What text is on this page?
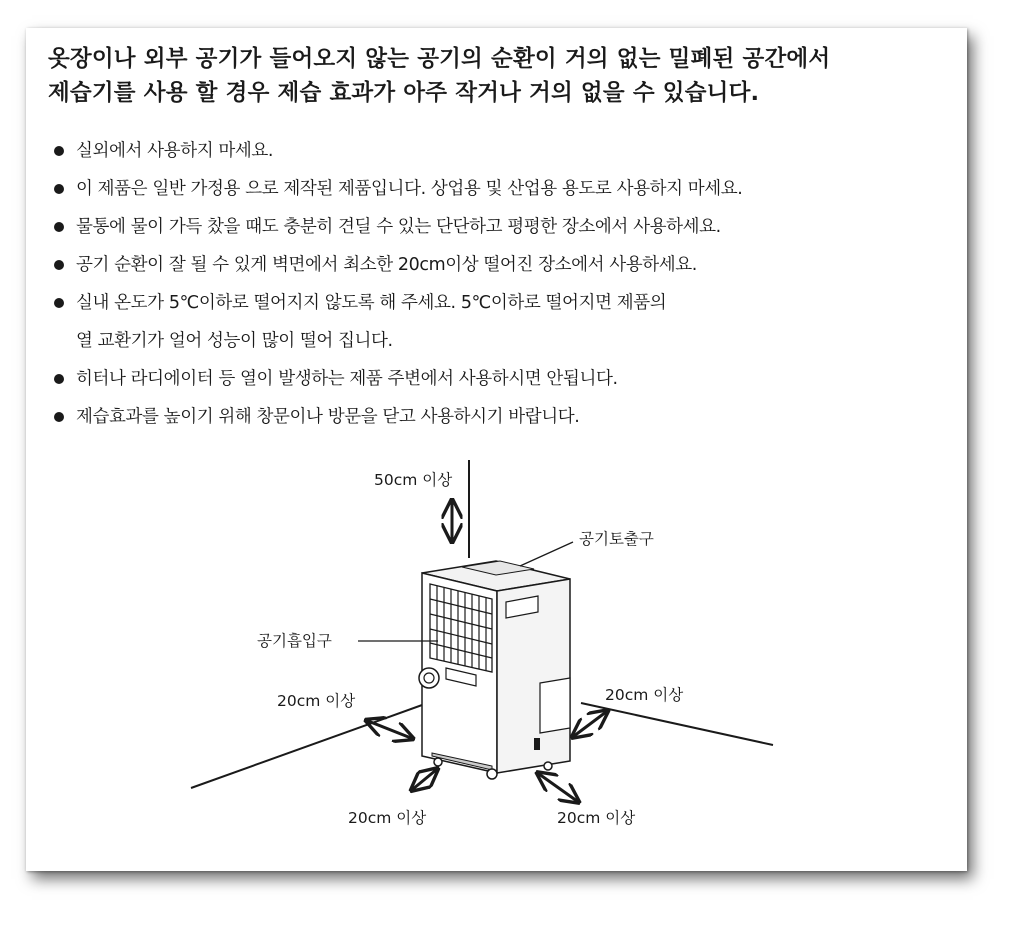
옷장이나 외부 공기가 들어오지 않는 공기의 순환이 거의 없는 밀폐된 공간에서
제습기를 사용 할 경우 제습 효과가 아주 작거나 거의 없을 수 있습니다.
실외에서 사용하지 마세요.
이 제품은 일반 가정용 으로 제작된 제품입니다. 상업용 및 산업용 용도로 사용하지 마세요.
물통에 물이 가득 찼을 때도 충분히 견딜 수 있는 단단하고 평평한 장소에서 사용하세요.
공기 순환이 잘 될 수 있게 벽면에서 최소한 20cm이상 떨어진 장소에서 사용하세요.
실내 온도가 5℃이하로 떨어지지 않도록 해 주세요. 5℃이하로 떨어지면 제품의
열 교환기가 얼어 성능이 많이 떨어 집니다.
히터나 라디에이터 등 열이 발생하는 제품 주변에서 사용하시면 안됩니다.
제습효과를 높이기 위해 창문이나 방문을 닫고 사용하시기 바랍니다.
50cm 이상
공기토출구
공기흡입구
20cm 이상	20cm 이상
20cm 이상	20cm 이상
